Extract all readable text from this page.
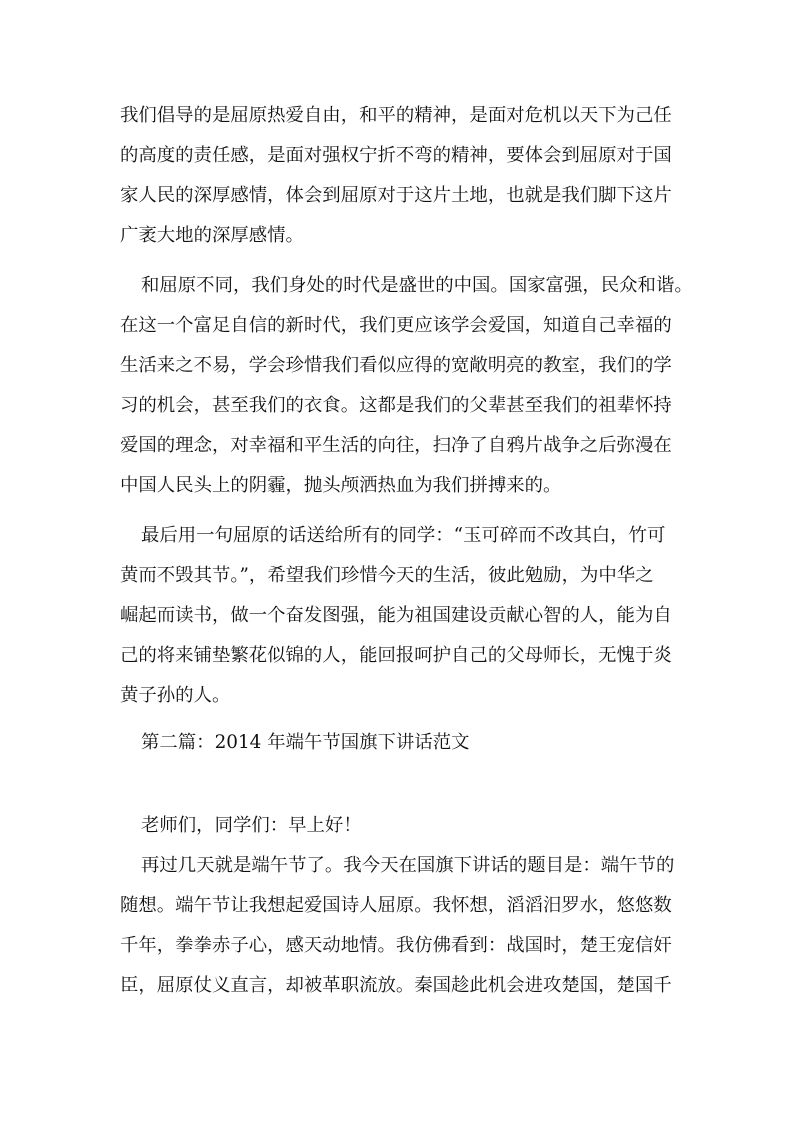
我们倡导的是屈原热爱自由，和平的精神，是面对危机以天下为己任
的高度的责任感，是面对强权宁折不弯的精神，要体会到屈原对于国
家人民的深厚感情，体会到屈原对于这片土地，也就是我们脚下这片
广袤大地的深厚感情。
和屈原不同，我们身处的时代是盛世的中国。国家富强，民众和谐。
在这一个富足自信的新时代，我们更应该学会爱国，知道自己幸福的
生活来之不易，学会珍惜我们看似应得的宽敞明亮的教室，我们的学
习的机会，甚至我们的衣食。这都是我们的父辈甚至我们的祖辈怀持
爱国的理念，对幸福和平生活的向往，扫净了自鸦片战争之后弥漫在
中国人民头上的阴霾，抛头颅洒热血为我们拼搏来的。
最后用一句屈原的话送给所有的同学：“玉可碎而不改其白，竹可
黄而不毁其节。”，希望我们珍惜今天的生活，彼此勉励，为中华之
崛起而读书，做一个奋发图强，能为祖国建设贡献心智的人，能为自
己的将来铺垫繁花似锦的人，能回报呵护自己的父母师长，无愧于炎
黄子孙的人。
第二篇：2014 年端午节国旗下讲话范文
老师们，同学们：早上好！
再过几天就是端午节了。我今天在国旗下讲话的题目是：端午节的
随想。端午节让我想起爱国诗人屈原。我怀想，滔滔汨罗水，悠悠数
千年，拳拳赤子心，感天动地情。我仿佛看到：战国时，楚王宠信奸
臣，屈原仗义直言，却被革职流放。秦国趁此机会进攻楚国，楚国千
